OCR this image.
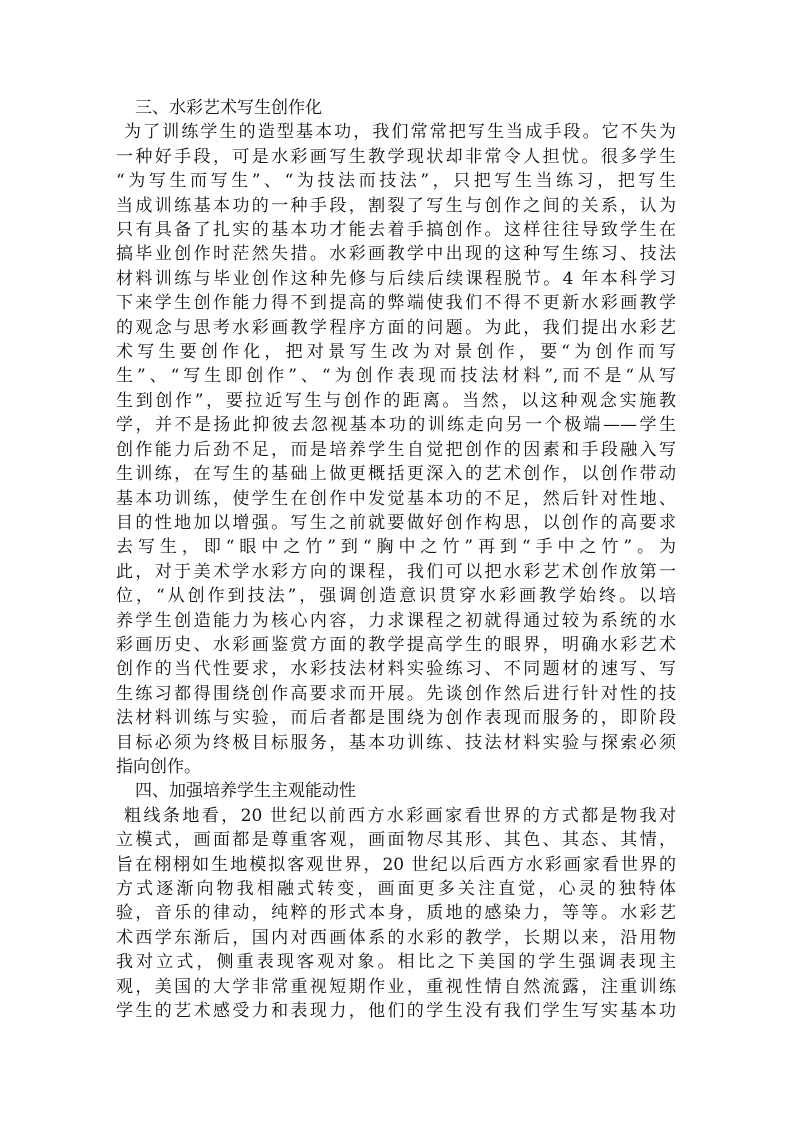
三、水彩艺术写生创作化
为了训练学生的造型基本功，我们常常把写生当成手段。它不失为
一种好手段，可是水彩画写生教学现状却非常令人担忧。很多学生
“为写生而写生”、“为技法而技法”，只把写生当练习，把写生
当成训练基本功的一种手段，割裂了写生与创作之间的关系，认为
只有具备了扎实的基本功才能去着手搞创作。这样往往导致学生在
搞毕业创作时茫然失措。水彩画教学中出现的这种写生练习、技法
材料训练与毕业创作这种先修与后续后续课程脱节。4 年本科学习
下来学生创作能力得不到提高的弊端使我们不得不更新水彩画教学
的观念与思考水彩画教学程序方面的问题。为此，我们提出水彩艺
术写生要创作化，把对景写生改为对景创作，要“为创作而写
生”、“写生即创作”、“为创作表现而技法材料”,而不是“从写
生到创作”，要拉近写生与创作的距离。当然，以这种观念实施教
学，并不是扬此抑彼去忽视基本功的训练走向另一个极端——学生
创作能力后劲不足，而是培养学生自觉把创作的因素和手段融入写
生训练，在写生的基础上做更概括更深入的艺术创作，以创作带动
基本功训练，使学生在创作中发觉基本功的不足，然后针对性地、
目的性地加以增强。写生之前就要做好创作构思，以创作的高要求
去写生，即“眼中之竹”到“胸中之竹”再到“手中之竹”。为
此，对于美术学水彩方向的课程，我们可以把水彩艺术创作放第一
位，“从创作到技法”，强调创造意识贯穿水彩画教学始终。以培
养学生创造能力为核心内容，力求课程之初就得通过较为系统的水
彩画历史、水彩画鉴赏方面的教学提高学生的眼界，明确水彩艺术
创作的当代性要求，水彩技法材料实验练习、不同题材的速写、写
生练习都得围绕创作高要求而开展。先谈创作然后进行针对性的技
法材料训练与实验，而后者都是围绕为创作表现而服务的，即阶段
目标必须为终极目标服务，基本功训练、技法材料实验与探索必须
指向创作。
四、加强培养学生主观能动性
粗线条地看，20 世纪以前西方水彩画家看世界的方式都是物我对
立模式，画面都是尊重客观，画面物尽其形、其色、其态、其情，
旨在栩栩如生地模拟客观世界，20 世纪以后西方水彩画家看世界的
方式逐渐向物我相融式转变，画面更多关注直觉，心灵的独特体
验，音乐的律动，纯粹的形式本身，质地的感染力，等等。水彩艺
术西学东渐后，国内对西画体系的水彩的教学，长期以来，沿用物
我对立式，侧重表现客观对象。相比之下美国的学生强调表现主
观，美国的大学非常重视短期作业，重视性情自然流露，注重训练
学生的艺术感受力和表现力，他们的学生没有我们学生写实基本功
